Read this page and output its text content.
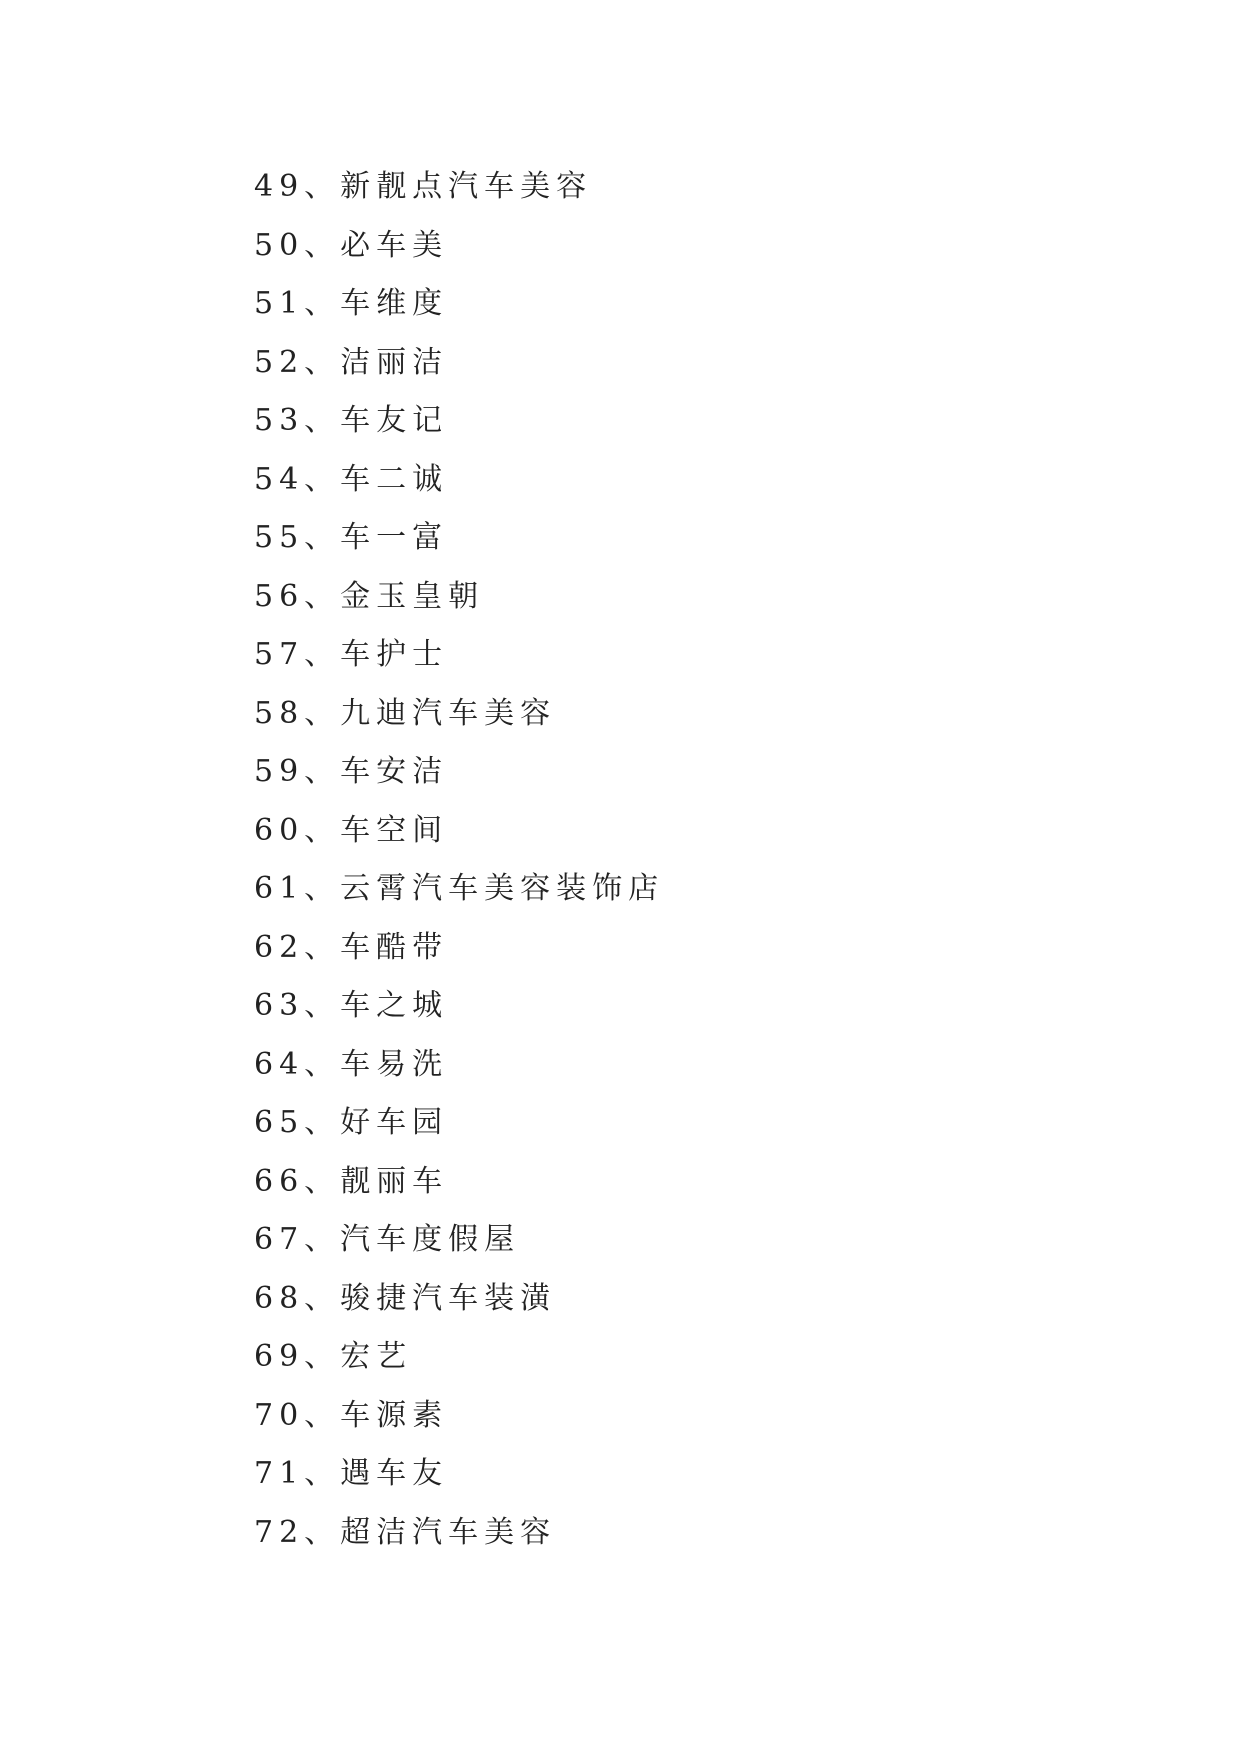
49、新靓点汽车美容
50、必车美
51、车维度
52、洁丽洁
53、车友记
54、车二诚
55、车一富
56、金玉皇朝
57、车护士
58、九迪汽车美容
59、车安洁
60、车空间
61、云霄汽车美容装饰店
62、车酷带
63、车之城
64、车易洗
65、好车园
66、靓丽车
67、汽车度假屋
68、骏捷汽车装潢
69、宏艺
70、车源素
71、遇车友
72、超洁汽车美容
